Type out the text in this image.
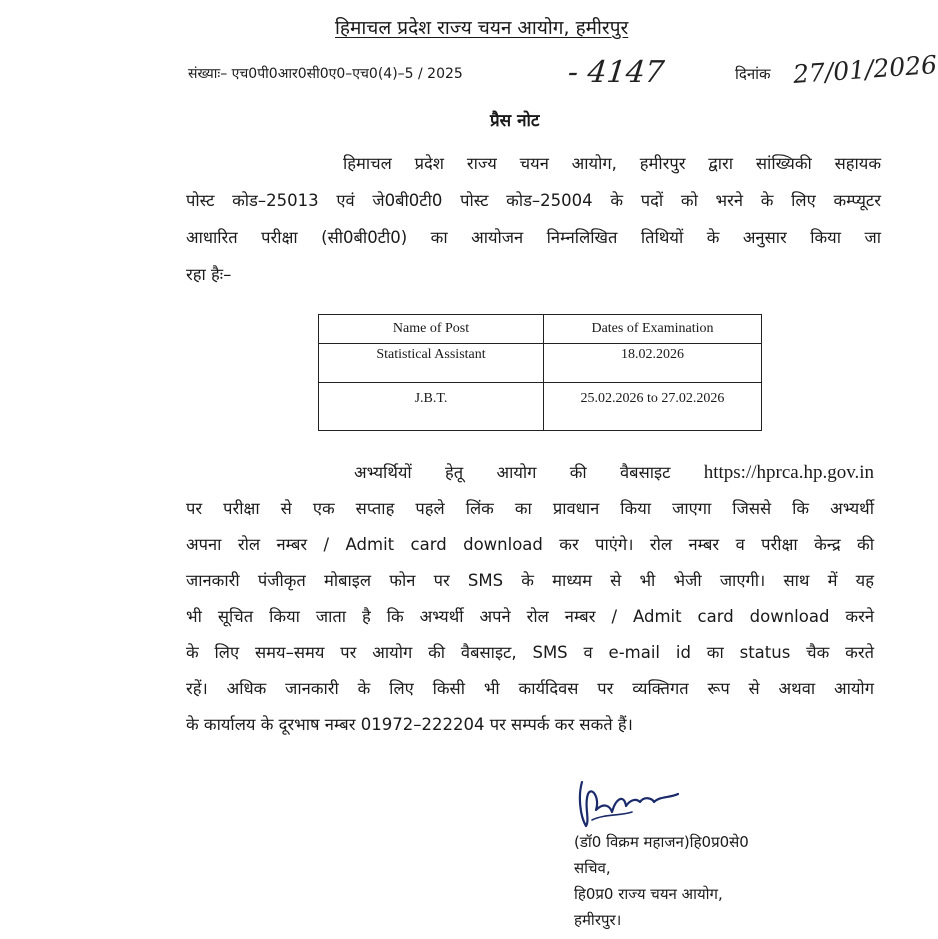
हिमाचल प्रदेश राज्य चयन आयोग, हमीरपुर
संख्याः– एच0पी0आर0सी0ए0–एच0(4)–5 / 2025	- 4147	दिनांक 27/01/2026
प्रैस नोट
हिमाचल प्रदेश राज्य चयन आयोग, हमीरपुर द्वारा सांख्यिकी सहायक
पोस्ट कोड–25013 एवं जे0बी0टी0 पोस्ट कोड–25004 के पदों को भरने के लिए कम्प्यूटर
आधारित परीक्षा (सी0बी0टी0) का आयोजन निम्नलिखित तिथियों के अनुसार किया जा
रहा हैः–
Name of Post	Dates of Examination
Statistical Assistant	18.02.2026
J.B.T.	25.02.2026 to 27.02.2026
अभ्यर्थियों हेतू आयोग की वैबसाइट https://hprca.hp.gov.in
पर परीक्षा से एक सप्ताह पहले लिंक का प्रावधान किया जाएगा जिससे कि अभ्यर्थी
अपना रोल नम्बर / Admit card download कर पाएंगे। रोल नम्बर व परीक्षा केन्द्र की
जानकारी पंजीकृत मोबाइल फोन पर SMS के माध्यम से भी भेजी जाएगी। साथ में यह
भी सूचित किया जाता है कि अभ्यर्थी अपने रोल नम्बर / Admit card download करने
के लिए समय–समय पर आयोग की वैबसाइट, SMS व e-mail id का status चैक करते
रहें। अधिक जानकारी के लिए किसी भी कार्यदिवस पर व्यक्तिगत रूप से अथवा आयोग
के कार्यालय के दूरभाष नम्बर 01972–222204 पर सम्पर्क कर सकते हैं।
(डॉ0 विक्रम महाजन)हि0प्र0से0
सचिव,
हि0प्र0 राज्य चयन आयोग,
हमीरपुर।
